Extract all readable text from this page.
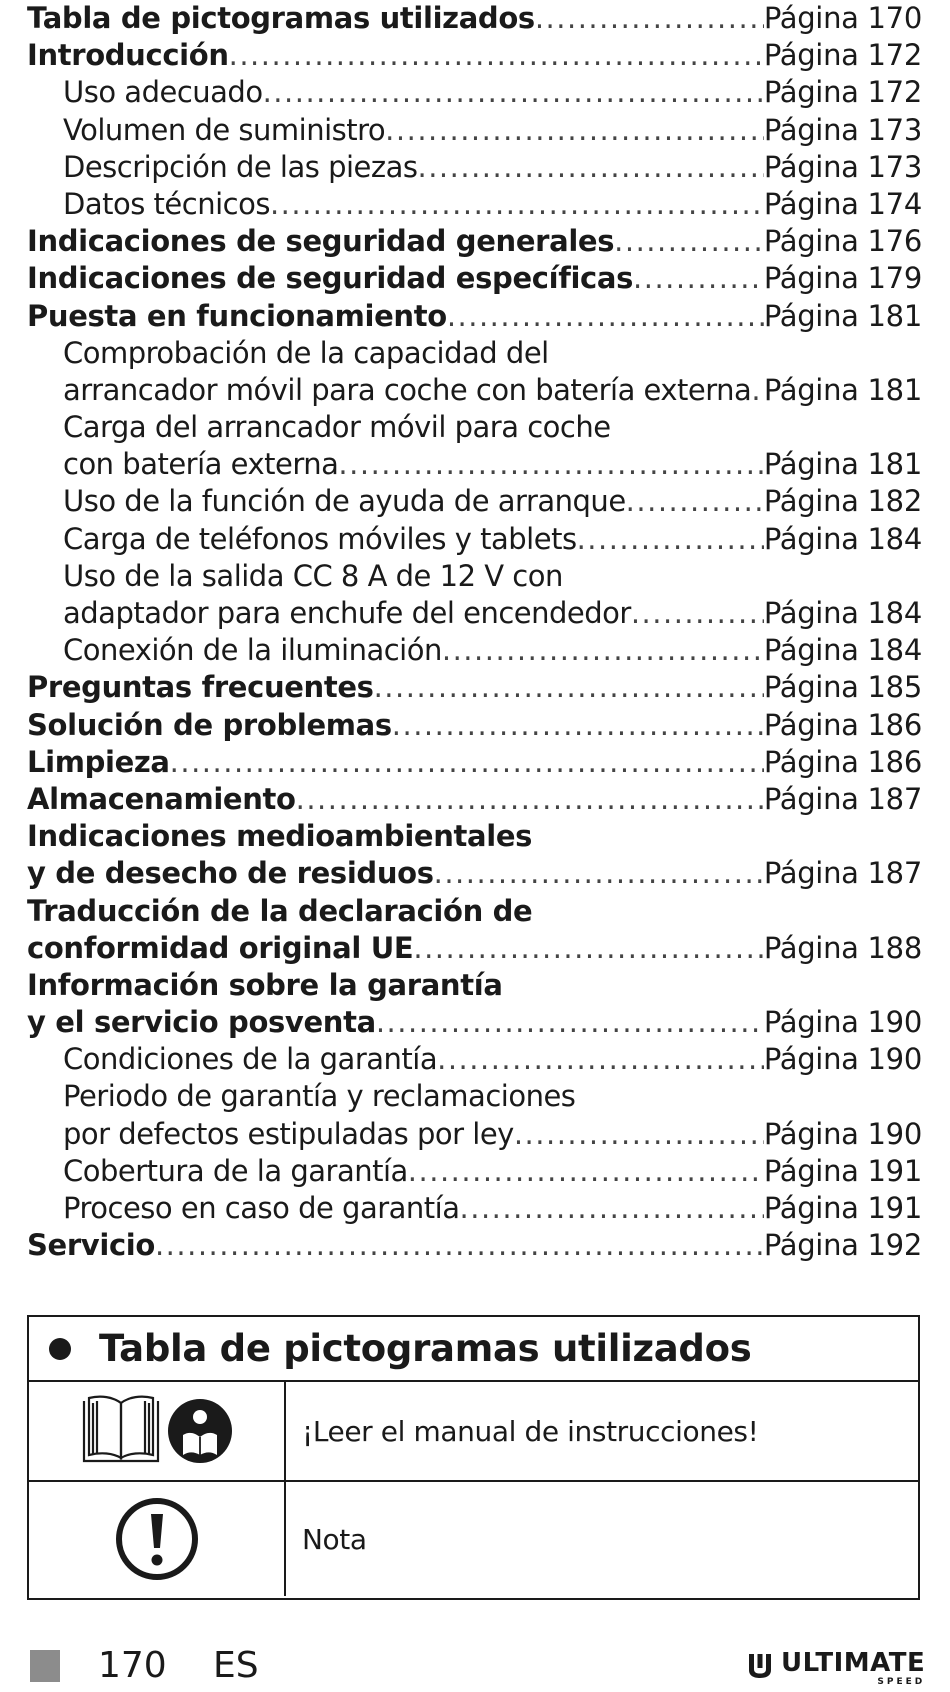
Tabla de pictogramas utilizados .....	Página 170
Introducción .....	Página 172
Uso adecuado .....	Página 172
Volumen de suministro .....	Página 173
Descripción de las piezas .....	Página 173
Datos técnicos .....	Página 174
Indicaciones de seguridad generales .....	Página 176
Indicaciones de seguridad específicas .....	Página 179
Puesta en funcionamiento .....	Página 181
Comprobación de la capacidad del
arrancador móvil para coche con batería externa ..... Página 181
Carga del arrancador móvil para coche
con batería externa .....	Página 181
Uso de la función de ayuda de arranque .....	Página 182
Carga de teléfonos móviles y tablets .....	Página 184
Uso de la salida CC 8 A de 12 V con
adaptador para enchufe del encendedor .....	Página 184
Conexión de la iluminación .....	Página 184
Preguntas frecuentes .....	Página 185
Solución de problemas .....	Página 186
Limpieza .....	Página 186
Almacenamiento .....	Página 187
Indicaciones medioambientales
y de desecho de residuos .....	Página 187
Traducción de la declaración de
conformidad original UE .....	Página 188
Información sobre la garantía
y el servicio posventa .....	Página 190
Condiciones de la garantía .....	Página 190
Periodo de garantía y reclamaciones
por defectos estipuladas por ley .....	Página 190
Cobertura de la garantía .....	Página 191
Proceso en caso de garantía .....	Página 191
Servicio .....	Página 192
Tabla de pictogramas utilizados
¡Leer el manual de instrucciones!
Nota
170 ES	ULTIMATE
SPEED
